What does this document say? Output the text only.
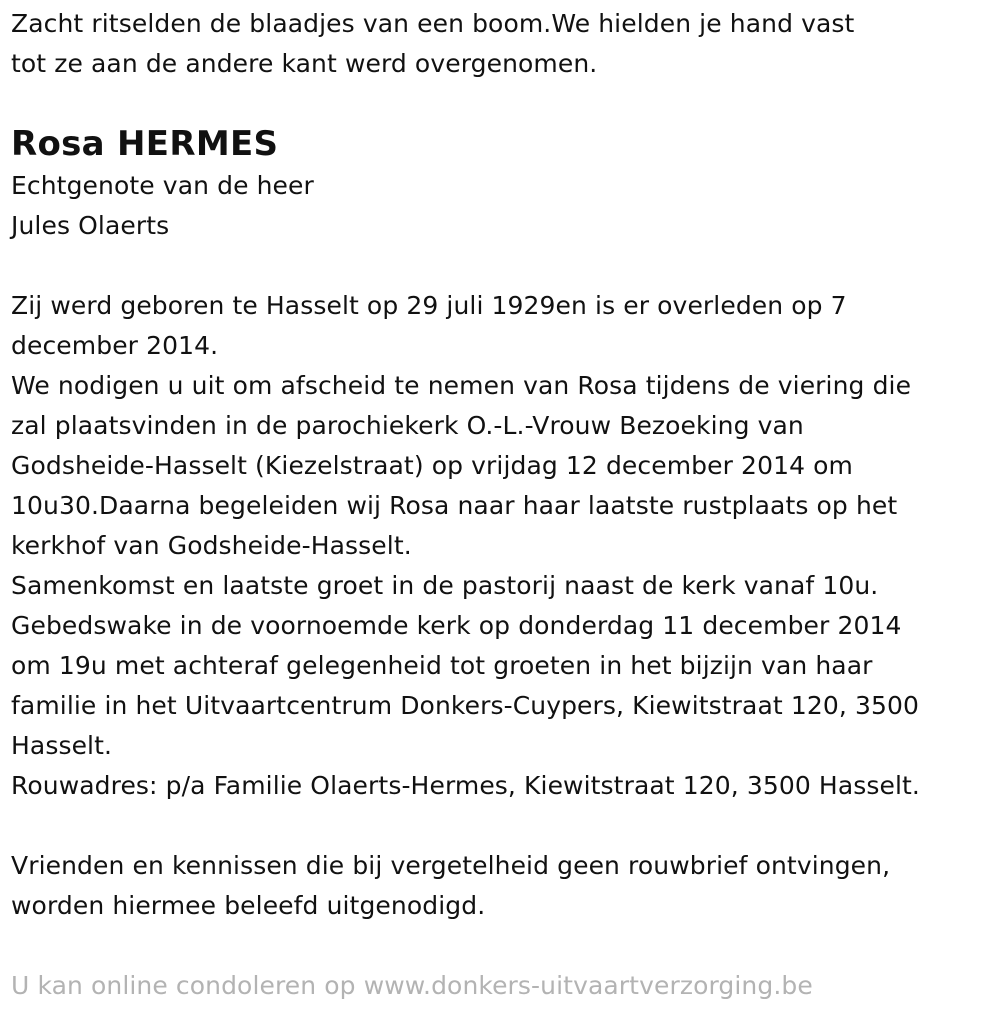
Zacht ritselden de blaadjes van een boom.We hielden je hand vast
tot ze aan de andere kant werd overgenomen.
Rosa HERMES
Echtgenote van de heer
Jules Olaerts
Zij werd geboren te Hasselt op 29 juli 1929en is er overleden op 7
december 2014.
We nodigen u uit om afscheid te nemen van Rosa tijdens de viering die
zal plaatsvinden in de parochiekerk O.-L.-Vrouw Bezoeking van
Godsheide-Hasselt (Kiezelstraat) op vrijdag 12 december 2014 om
10u30.Daarna begeleiden wij Rosa naar haar laatste rustplaats op het
kerkhof van Godsheide-Hasselt.
Samenkomst en laatste groet in de pastorij naast de kerk vanaf 10u.
Gebedswake in de voornoemde kerk op donderdag 11 december 2014
om 19u met achteraf gelegenheid tot groeten in het bijzijn van haar
familie in het Uitvaartcentrum Donkers-Cuypers, Kiewitstraat 120, 3500
Hasselt.
Rouwadres: p/a Familie Olaerts-Hermes, Kiewitstraat 120, 3500 Hasselt.
Vrienden en kennissen die bij vergetelheid geen rouwbrief ontvingen,
worden hiermee beleefd uitgenodigd.
U kan online condoleren op www.donkers-uitvaartverzorging.be
